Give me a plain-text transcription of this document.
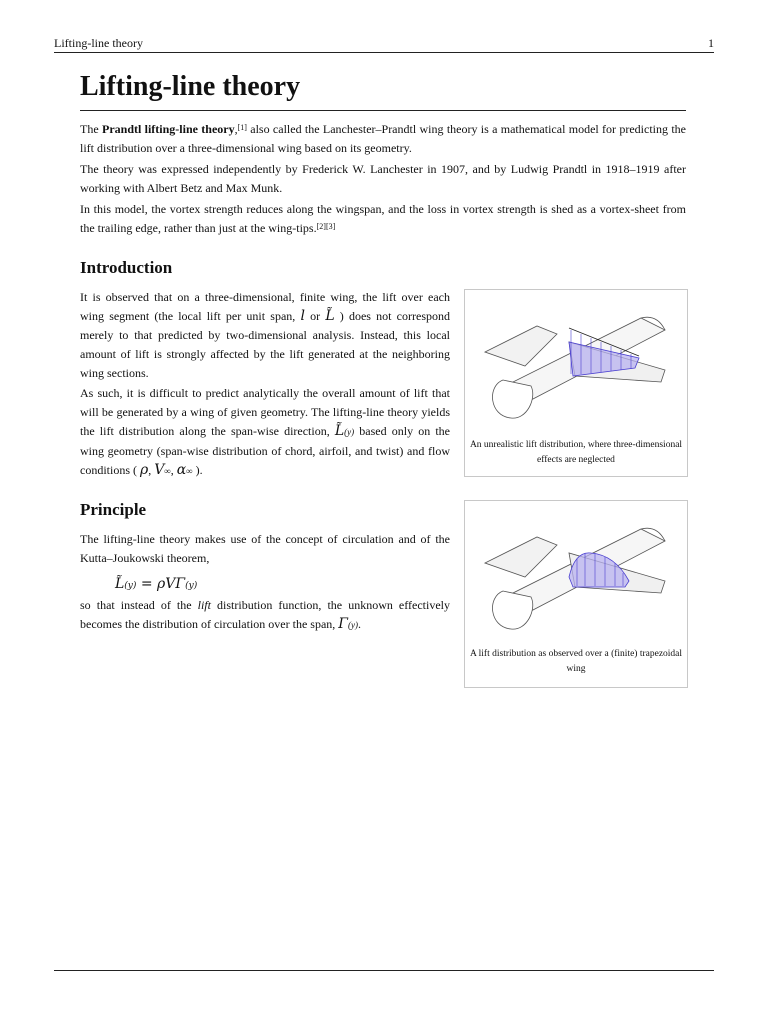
Lifting-line theory	1
Lifting-line theory

The Prandtl lifting-line theory,[1] also called the Lanchester–Prandtl wing theory is a mathematical model for predicting the lift distribution over a three-dimensional wing based on its geometry.

The theory was expressed independently by Frederick W. Lanchester in 1907, and by Ludwig Prandtl in 1918–1919 after working with Albert Betz and Max Munk.

In this model, the vortex strength reduces along the wingspan, and the loss in vortex strength is shed as a vortex-sheet from the trailing edge, rather than just at the wing-tips.[2][3]

Introduction

It is observed that on a three-dimensional, finite wing, the lift over each wing segment (the local lift per unit span, l or L̃ ) does not correspond merely to that predicted by two-dimensional analysis. Instead, this local amount of lift is strongly affected by the lift generated at the neighboring wing sections.

As such, it is difficult to predict analytically the overall amount of lift that will be generated by a wing of given geometry. The lifting-line theory yields the lift distribution along the span-wise direction, L̃(y) based only on the wing geometry (span-wise distribution of chord, airfoil, and twist) and flow conditions ( ρ, V∞, α∞ ).

Principle

The lifting-line theory makes use of the concept of circulation and of the Kutta–Joukowski theorem,

L̃(y) = ρVΓ(y)

so that instead of the lift distribution function, the unknown effectively becomes the distribution of circulation over the span, Γ(y).

An unrealistic lift distribution, where three-dimensional effects are neglected
A lift distribution as observed over a (finite) trapezoidal wing
